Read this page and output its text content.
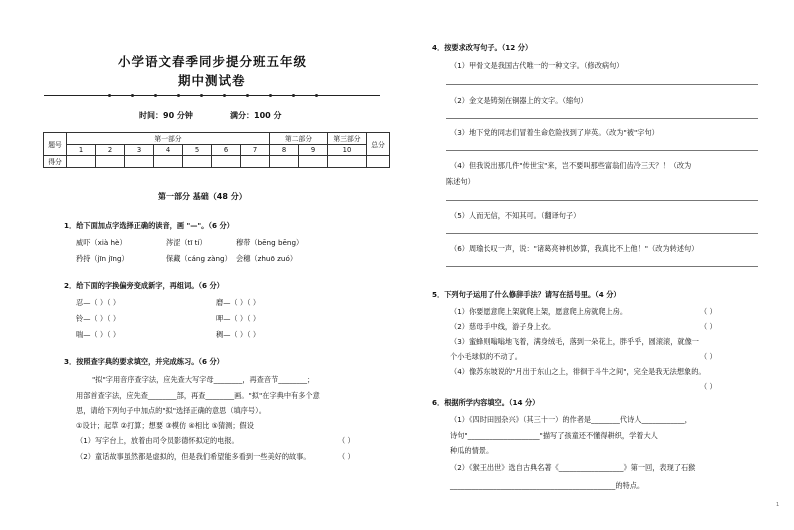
小学语文春季同步提分班五年级
期中测试卷
时间：90 分钟	满分：100 分
题号	第一部分							第二部分		第三部分	总分
	1	2	3	4	5	6	7	8	9	10	
得分											
第一部分 基础（48 分）
1．给下面加点字选择正确的读音，画 "—"。（6 分）
威吓（xià hè）	涔涩（tī tí）	穆带（bēng bēng）
矜持（jīn jīng）	保藏（cáng zàng） 会穗（zhuō zuó）
2．给下面的字换偏旁变成新字，再组词。（6 分）
忍—（ ）（ ）	磨—（ ）（ ）
铃—（ ）（ ）	呷—（ ）（ ）
喘—（ ）（ ）	稠—（ ）（ ）
3．按照查字典的要求填空，并完成练习。（6 分）
"拟"字用音序查字法，应先查大写字母________，再查音节________；
用部首查字法，应先查________部，再查________画。"拟"在字典中有多个意
思，请给下列句子中加点的"拟"选择正确的意思（填序号）。
①设计；起草 ②打算；想要 ③模仿 ④相比 ⑤猜测；假设
（1）写字台上，放着由司令员影德怀拟定的电报。	（ ）
（2）童话故事虽然都是虚拟的，但是我们希望能多看到一些美好的故事。	（ ）
4．按要求改写句子。（12 分）
（1）甲骨文是我国古代唯一的一种文字。（修改病句）
（2）金文是铸刻在铜器上的文字。（缩句）
（3）地下党的同志们冒着生命危险找到了岸英。（改为"被"字句）
（4）但我说出那几件"传世宝"来，岂不要叫那些富翁们齿冷三天？！（改为
陈述句）
（5）人而无信，不知其可。（翻译句子）
（6）周瑜长叹一声，说："诸葛亮神机妙算，我真比不上他！"（改为转述句）
5．下列句子运用了什么修辞手法？请写在括号里。（4 分）
（1）你要愿意爬上架就爬上架，愿意爬上房就爬上房。	（ ）
（2）慈母手中线，游子身上衣。	（ ）
（3）蜜蜂则嗡嗡地飞着，满身绒毛，落到一朵花上，胖乎乎，圆滚滚，就像一
个小毛球似的不动了。	（ ）
（4）像苏东坡说的"月出于东山之上，徘徊于斗牛之间"，完全是我无法想象的。
（ ）
6．根据所学内容填空。（14 分）
（1）《四时田园杂兴》（其三十一）的作者是________代诗人____________，
诗句"____________________"描写了孩童还不懂得耕织，学着大人
种瓜的情景。
（2）《猴王出世》选自古典名著《__________________》第一回，表现了石猴
______________________________________________的特点。
1
